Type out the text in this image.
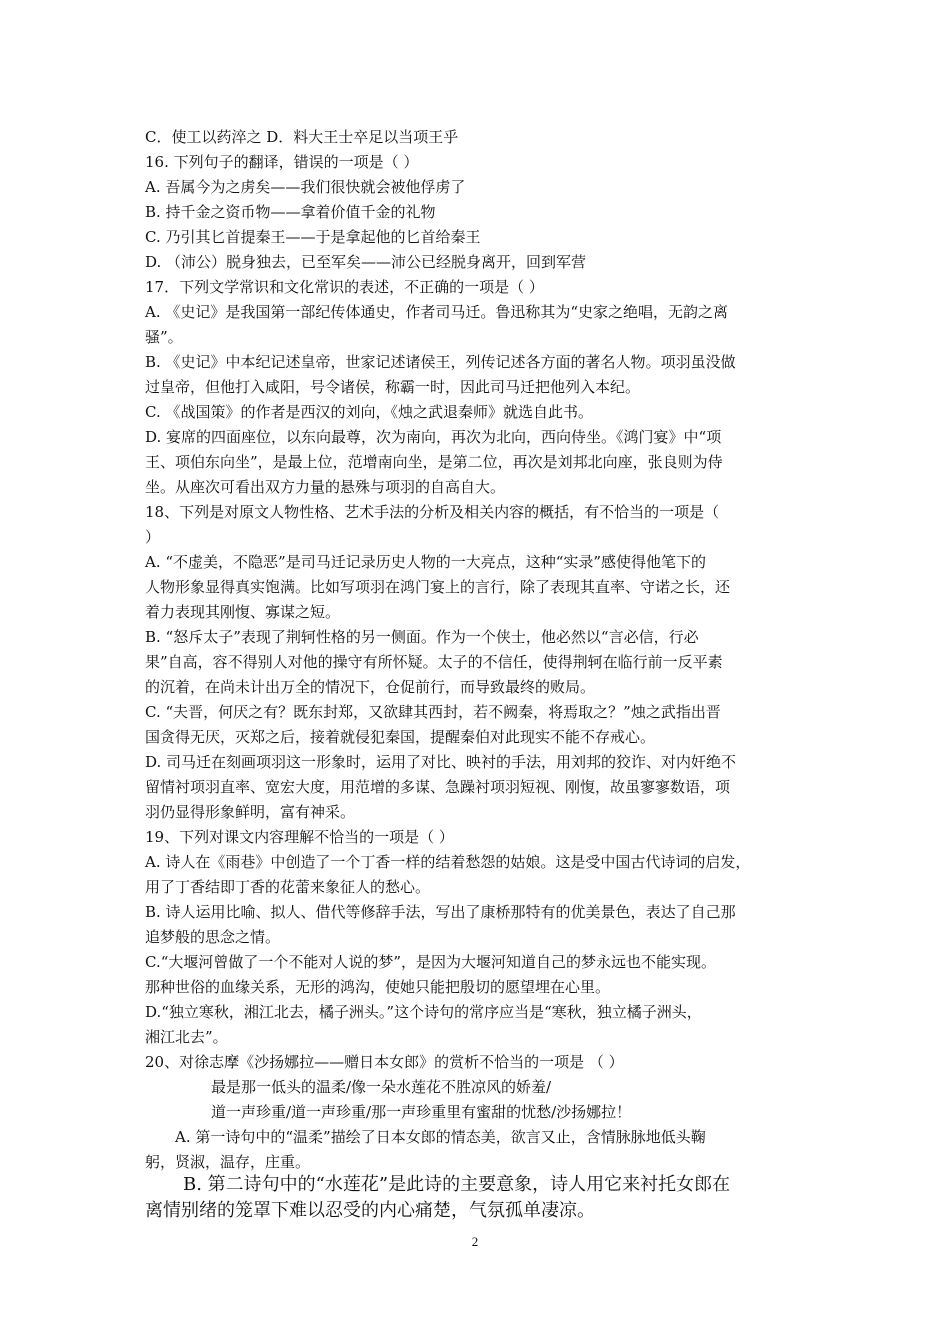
C．使工以药淬之 D．料大王士卒足以当项王乎
16. 下列句子的翻译，错误的一项是（ ）
A. 吾属今为之虏矣——我们很快就会被他俘虏了
B. 持千金之资币物——拿着价值千金的礼物
C. 乃引其匕首提秦王——于是拿起他的匕首给秦王
D. （沛公）脱身独去，已至军矣——沛公已经脱身离开，回到军营
17．下列文学常识和文化常识的表述，不正确的一项是（ ）
A. 《史记》是我国第一部纪传体通史，作者司马迁。鲁迅称其为“史家之绝唱，无韵之离
骚”。
B. 《史记》中本纪记述皇帝，世家记述诸侯王，列传记述各方面的著名人物。项羽虽没做
过皇帝，但他打入咸阳，号令诸侯，称霸一时，因此司马迁把他列入本纪。
C. 《战国策》的作者是西汉的刘向，《烛之武退秦师》就选自此书。
D. 宴席的四面座位，以东向最尊，次为南向，再次为北向，西向侍坐。《鸿门宴》中“项
王、项伯东向坐”，是最上位，范增南向坐，是第二位，再次是刘邦北向座，张良则为侍
坐。从座次可看出双方力量的悬殊与项羽的自高自大。
18、下列是对原文人物性格、艺术手法的分析及相关内容的概括，有不恰当的一项是（
）
A. “不虚美，不隐恶”是司马迁记录历史人物的一大亮点，这种“实录”感使得他笔下的
人物形象显得真实饱满。比如写项羽在鸿门宴上的言行，除了表现其直率、守诺之长，还
着力表现其刚愎、寡谋之短。
B. “怒斥太子”表现了荆轲性格的另一侧面。作为一个侠士，他必然以“言必信，行必
果”自高，容不得别人对他的操守有所怀疑。太子的不信任，使得荆轲在临行前一反平素
的沉着，在尚未计出万全的情况下，仓促前行，而导致最终的败局。
C. “夫晋，何厌之有？既东封郑，又欲肆其西封，若不阙秦，将焉取之？”烛之武指出晋
国贪得无厌，灭郑之后，接着就侵犯秦国，提醒秦伯对此现实不能不存戒心。
D. 司马迁在刻画项羽这一形象时，运用了对比、映衬的手法，用刘邦的狡诈、对内奸绝不
留情衬项羽直率、宽宏大度，用范增的多谋、急躁衬项羽短视、刚愎，故虽寥寥数语，项
羽仍显得形象鲜明，富有神采。
19、下列对课文内容理解不恰当的一项是（ ）
A. 诗人在《雨巷》中创造了一个丁香一样的结着愁怨的姑娘。这是受中国古代诗词的启发，
用了丁香结即丁香的花蕾来象征人的愁心。
B. 诗人运用比喻、拟人、借代等修辞手法，写出了康桥那特有的优美景色，表达了自己那
追梦般的思念之情。
C.“大堰河曾做了一个不能对人说的梦”，是因为大堰河知道自己的梦永远也不能实现。
那种世俗的血缘关系，无形的鸿沟，使她只能把殷切的愿望埋在心里。
D.“独立寒秋，湘江北去，橘子洲头。”这个诗句的常序应当是“寒秋，独立橘子洲头，
湘江北去”。
20、对徐志摩《沙扬娜拉——赠日本女郎》的赏析不恰当的一项是 （ ）
最是那一低头的温柔/像一朵水莲花不胜凉风的娇羞/
道一声珍重/道一声珍重/那一声珍重里有蜜甜的忧愁/沙扬娜拉！
A. 第一诗句中的“温柔”描绘了日本女郎的情态美，欲言又止，含情脉脉地低头鞠
躬，贤淑，温存，庄重。
B. 第二诗句中的“水莲花”是此诗的主要意象，诗人用它来衬托女郎在
离情别绪的笼罩下难以忍受的内心痛楚，气氛孤单凄凉。
2
